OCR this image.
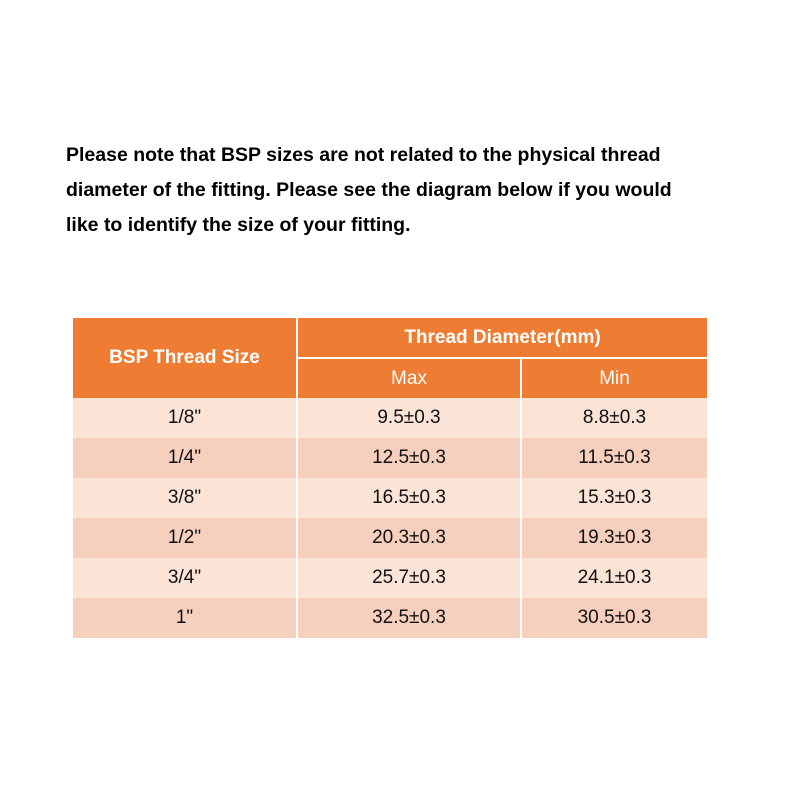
Please note that BSP sizes are not related to the physical thread
diameter of the fitting. Please see the diagram below if you would
like to identify the size of your fitting.

BSP Thread Size	Thread Diameter(mm)	
	Max	Min
1/8"	9.5±0.3	8.8±0.3
1/4"	12.5±0.3	11.5±0.3
3/8"	16.5±0.3	15.3±0.3
1/2"	20.3±0.3	19.3±0.3
3/4"	25.7±0.3	24.1±0.3
1"	32.5±0.3	30.5±0.3
